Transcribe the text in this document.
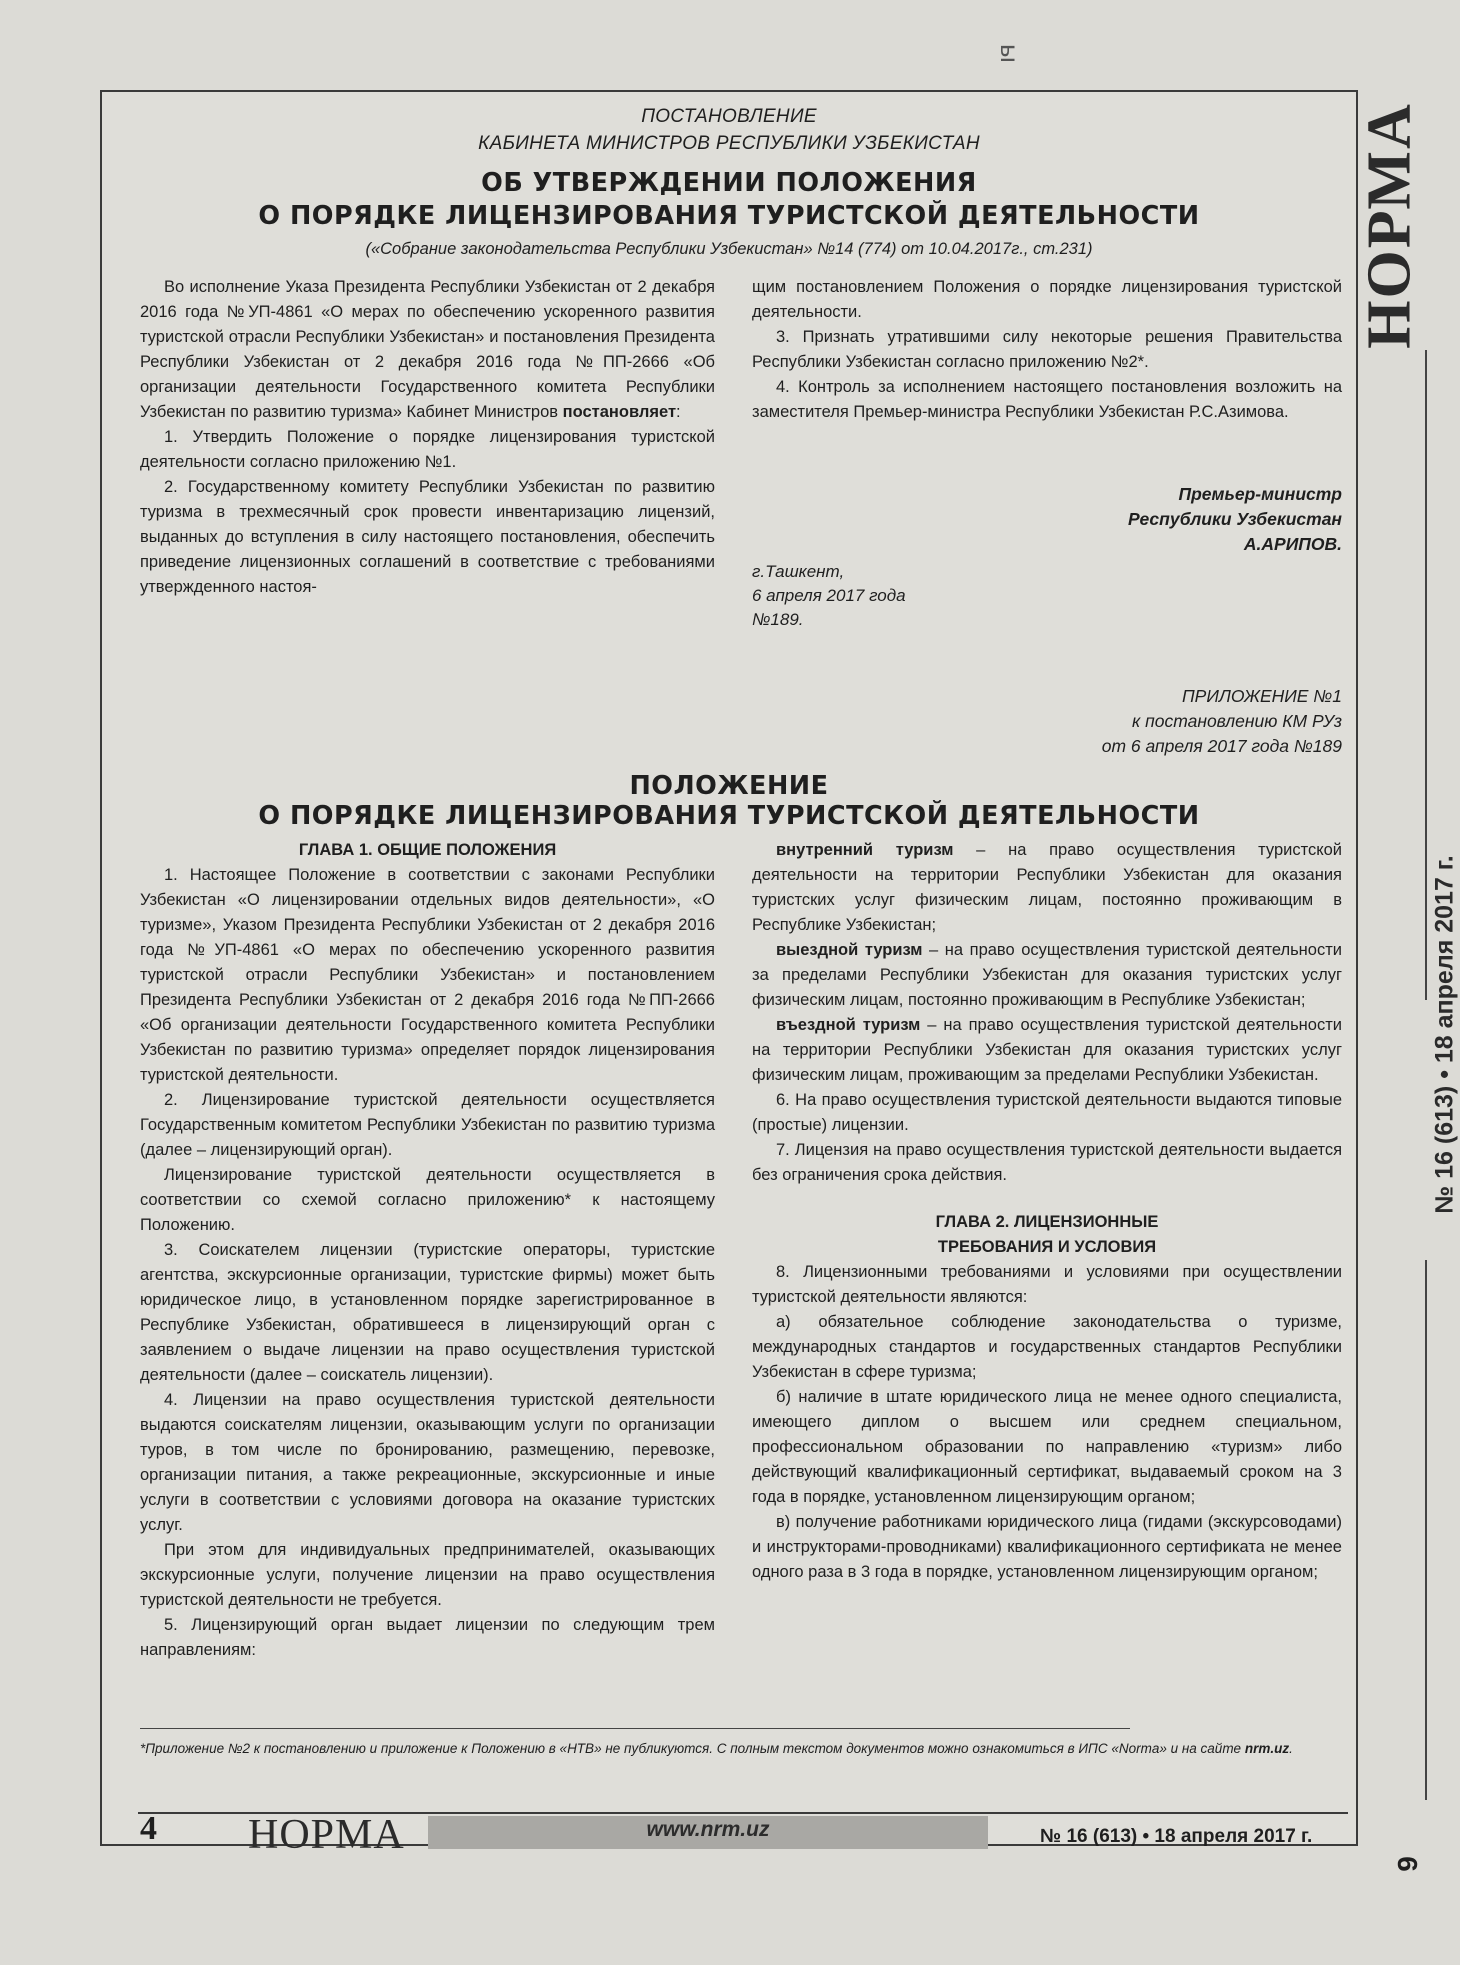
ы
НОРМА
№ 16 (613) • 18 апреля 2017 г.
9
ПОСТАНОВЛЕНИЕ
КАБИНЕТА МИНИСТРОВ РЕСПУБЛИКИ УЗБЕКИСТАН
ОБ УТВЕРЖДЕНИИ ПОЛОЖЕНИЯ
О ПОРЯДКЕ ЛИЦЕНЗИРОВАНИЯ ТУРИСТСКОЙ ДЕЯТЕЛЬНОСТИ
(«Собрание законодательства Республики Узбекистан» №14 (774) от 10.04.2017г., ст.231)

Во исполнение Указа Президента Республики Узбекистан от 2 декабря 2016 года №УП-4861 «О мерах по обеспечению ускоренного развития туристской отрасли Республики Узбекистан» и постановления Президента Республики Узбекистан от 2 декабря 2016 года №ПП-2666 «Об организации деятельности Государственного комитета Республики Узбекистан по развитию туризма» Кабинет Министров постановляет:

1. Утвердить Положение о порядке лицензирования туристской деятельности согласно приложению №1.

2. Государственному комитету Республики Узбекистан по развитию туризма в трехмесячный срок провести инвентаризацию лицензий, выданных до вступления в силу настоящего постановления, обеспечить приведение лицензионных соглашений в соответствие с требованиями утвержденного настоя-

щим постановлением Положения о порядке лицензирования туристской деятельности.

3. Признать утратившими силу некоторые решения Правительства Республики Узбекистан согласно приложению №2*.

4. Контроль за исполнением настоящего постановления возложить на заместителя Премьер-министра Республики Узбекистан Р.С.Азимова.

Премьер-министр
Республики Узбекистан
А.АРИПОВ.
г.Ташкент,
6 апреля 2017 года
№189.
ПРИЛОЖЕНИЕ №1
к постановлению КМ РУз
от 6 апреля 2017 года №189
ПОЛОЖЕНИЕ
О ПОРЯДКЕ ЛИЦЕНЗИРОВАНИЯ ТУРИСТСКОЙ ДЕЯТЕЛЬНОСТИ

ГЛАВА 1. ОБЩИЕ ПОЛОЖЕНИЯ

1. Настоящее Положение в соответствии с законами Республики Узбекистан «О лицензировании отдельных видов деятельности», «О туризме», Указом Президента Республики Узбекистан от 2 декабря 2016 года №УП-4861 «О мерах по обеспечению ускоренного развития туристской отрасли Республики Узбекистан» и постановлением Президента Республики Узбекистан от 2 декабря 2016 года №ПП-2666 «Об организации деятельности Государственного комитета Республики Узбекистан по развитию туризма» определяет порядок лицензирования туристской деятельности.

2. Лицензирование туристской деятельности осуществляется Государственным комитетом Республики Узбекистан по развитию туризма (далее – лицензирующий орган).

Лицензирование туристской деятельности осуществляется в соответствии со схемой согласно приложению* к настоящему Положению.

3. Соискателем лицензии (туристские операторы, туристские агентства, экскурсионные организации, туристские фирмы) может быть юридическое лицо, в установленном порядке зарегистрированное в Республике Узбекистан, обратившееся в лицензирующий орган с заявлением о выдаче лицензии на право осуществления туристской деятельности (далее – соискатель лицензии).

4. Лицензии на право осуществления туристской деятельности выдаются соискателям лицензии, оказывающим услуги по организации туров, в том числе по бронированию, размещению, перевозке, организации питания, а также рекреационные, экскурсионные и иные услуги в соответствии с условиями договора на оказание туристских услуг.

При этом для индивидуальных предпринимателей, оказывающих экскурсионные услуги, получение лицензии на право осуществления туристской деятельности не требуется.

5. Лицензирующий орган выдает лицензии по следующим трем направлениям:

внутренний туризм – на право осуществления туристской деятельности на территории Республики Узбекистан для оказания туристских услуг физическим лицам, постоянно проживающим в Республике Узбекистан;

выездной туризм – на право осуществления туристской деятельности за пределами Республики Узбекистан для оказания туристских услуг физическим лицам, постоянно проживающим в Республике Узбекистан;

въездной туризм – на право осуществления туристской деятельности на территории Республики Узбекистан для оказания туристских услуг физическим лицам, проживающим за пределами Республики Узбекистан.

6. На право осуществления туристской деятельности выдаются типовые (простые) лицензии.

7. Лицензия на право осуществления туристской деятельности выдается без ограничения срока действия.

ГЛАВА 2. ЛИЦЕНЗИОННЫЕ

ТРЕБОВАНИЯ И УСЛОВИЯ

8. Лицензионными требованиями и условиями при осуществлении туристской деятельности являются:

а) обязательное соблюдение законодательства о туризме, международных стандартов и государственных стандартов Республики Узбекистан в сфере туризма;

б) наличие в штате юридического лица не менее одного специалиста, имеющего диплом о высшем или среднем специальном, профессиональном образовании по направлению «туризм» либо действующий квалификационный сертификат, выдаваемый сроком на 3 года в порядке, установленном лицензирующим органом;

в) получение работниками юридического лица (гидами (экскурсоводами) и инструкторами-проводниками) квалификационного сертификата не менее одного раза в 3 года в порядке, установленном лицензирующим органом;

*Приложение №2 к постановлению и приложение к Положению в «НТВ» не публикуются. С полным текстом документов можно ознакомиться в ИПС «Norma» и на сайте nrm.uz.
4 НОРМА	www.nrm.uz	№ 16 (613) • 18 апреля 2017 г.
